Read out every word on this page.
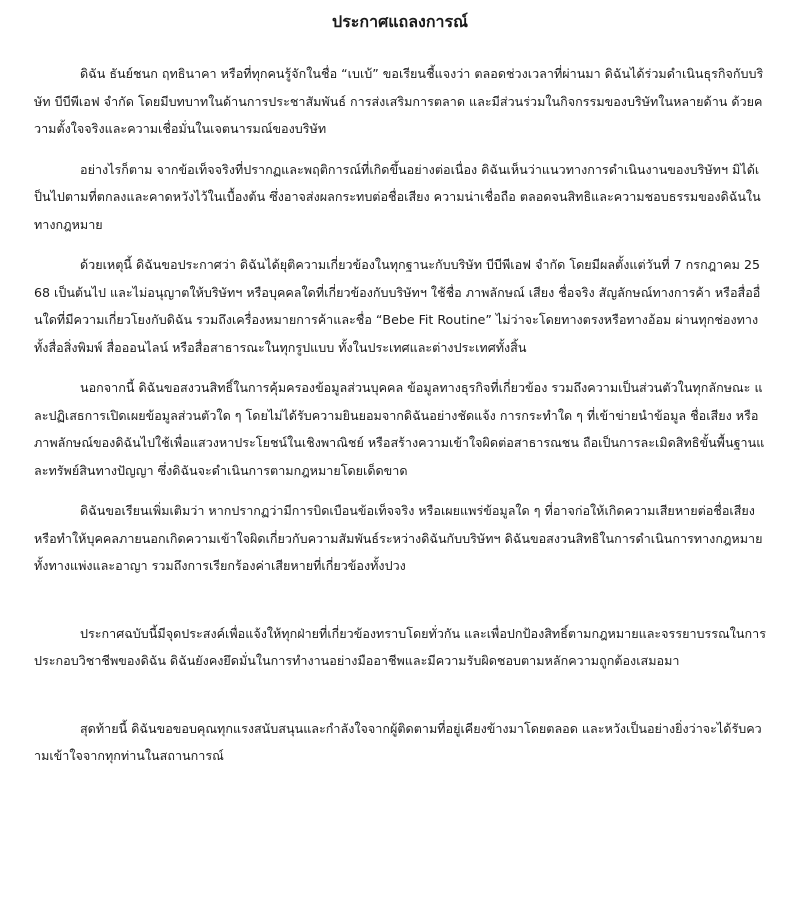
ประกาศแถลงการณ์

ดิฉัน ธันย์ชนก ฤทธินาคา หรือที่ทุกคนรู้จักในชื่อ “เบเบ้” ขอเรียนชี้แจงว่า ตลอดช่วงเวลาที่ผ่านมา ดิฉันได้ร่วมดำเนินธุรกิจกับบริษัท บีบีพีเอฟ จำกัด โดยมีบทบาทในด้านการประชาสัมพันธ์ การส่งเสริมการตลาด และมีส่วนร่วมในกิจกรรมของบริษัทในหลายด้าน ด้วยความตั้งใจจริงและความเชื่อมั่นในเจตนารมณ์ของบริษัท

อย่างไรก็ตาม จากข้อเท็จจริงที่ปรากฏและพฤติการณ์ที่เกิดขึ้นอย่างต่อเนื่อง ดิฉันเห็นว่าแนวทางการดำเนินงานของบริษัทฯ มิได้เป็นไปตามที่ตกลงและคาดหวังไว้ในเบื้องต้น ซึ่งอาจส่งผลกระทบต่อชื่อเสียง ความน่าเชื่อถือ ตลอดจนสิทธิและความชอบธรรมของดิฉันในทางกฎหมาย

ด้วยเหตุนี้ ดิฉันขอประกาศว่า ดิฉันได้ยุติความเกี่ยวข้องในทุกฐานะกับบริษัท บีบีพีเอฟ จำกัด โดยมีผลตั้งแต่วันที่ 7 กรกฎาคม 2568 เป็นต้นไป และไม่อนุญาตให้บริษัทฯ หรือบุคคลใดที่เกี่ยวข้องกับบริษัทฯ ใช้ชื่อ ภาพลักษณ์ เสียง ชื่อจริง สัญลักษณ์ทางการค้า หรือสื่ออื่นใดที่มีความเกี่ยวโยงกับดิฉัน รวมถึงเครื่องหมายการค้าและชื่อ “Bebe Fit Routine” ไม่ว่าจะโดยทางตรงหรือทางอ้อม ผ่านทุกช่องทาง ทั้งสื่อสิ่งพิมพ์ สื่อออนไลน์ หรือสื่อสาธารณะในทุกรูปแบบ ทั้งในประเทศและต่างประเทศทั้งสิ้น

นอกจากนี้ ดิฉันขอสงวนสิทธิ์ในการคุ้มครองข้อมูลส่วนบุคคล ข้อมูลทางธุรกิจที่เกี่ยวข้อง รวมถึงความเป็นส่วนตัวในทุกลักษณะ และปฏิเสธการเปิดเผยข้อมูลส่วนตัวใด ๆ โดยไม่ได้รับความยินยอมจากดิฉันอย่างชัดแจ้ง การกระทำใด ๆ ที่เข้าข่ายนำข้อมูล ชื่อเสียง หรือภาพลักษณ์ของดิฉันไปใช้เพื่อแสวงหาประโยชน์ในเชิงพาณิชย์ หรือสร้างความเข้าใจผิดต่อสาธารณชน ถือเป็นการละเมิดสิทธิขั้นพื้นฐานและทรัพย์สินทางปัญญา ซึ่งดิฉันจะดำเนินการตามกฎหมายโดยเด็ดขาด

ดิฉันขอเรียนเพิ่มเติมว่า หากปรากฏว่ามีการบิดเบือนข้อเท็จจริง หรือเผยแพร่ข้อมูลใด ๆ ที่อาจก่อให้เกิดความเสียหายต่อชื่อเสียง หรือทำให้บุคคลภายนอกเกิดความเข้าใจผิดเกี่ยวกับความสัมพันธ์ระหว่างดิฉันกับบริษัทฯ ดิฉันขอสงวนสิทธิในการดำเนินการทางกฎหมายทั้งทางแพ่งและอาญา รวมถึงการเรียกร้องค่าเสียหายที่เกี่ยวข้องทั้งปวง

ประกาศฉบับนี้มีจุดประสงค์เพื่อแจ้งให้ทุกฝ่ายที่เกี่ยวข้องทราบโดยทั่วกัน และเพื่อปกป้องสิทธิ์ตามกฎหมายและจรรยาบรรณในการประกอบวิชาชีพของดิฉัน ดิฉันยังคงยึดมั่นในการทำงานอย่างมืออาชีพและมีความรับผิดชอบตามหลักความถูกต้องเสมอมา

สุดท้ายนี้ ดิฉันขอขอบคุณทุกแรงสนับสนุนและกำลังใจจากผู้ติดตามที่อยู่เคียงข้างมาโดยตลอด และหวังเป็นอย่างยิ่งว่าจะได้รับความเข้าใจจากทุกท่านในสถานการณ์
